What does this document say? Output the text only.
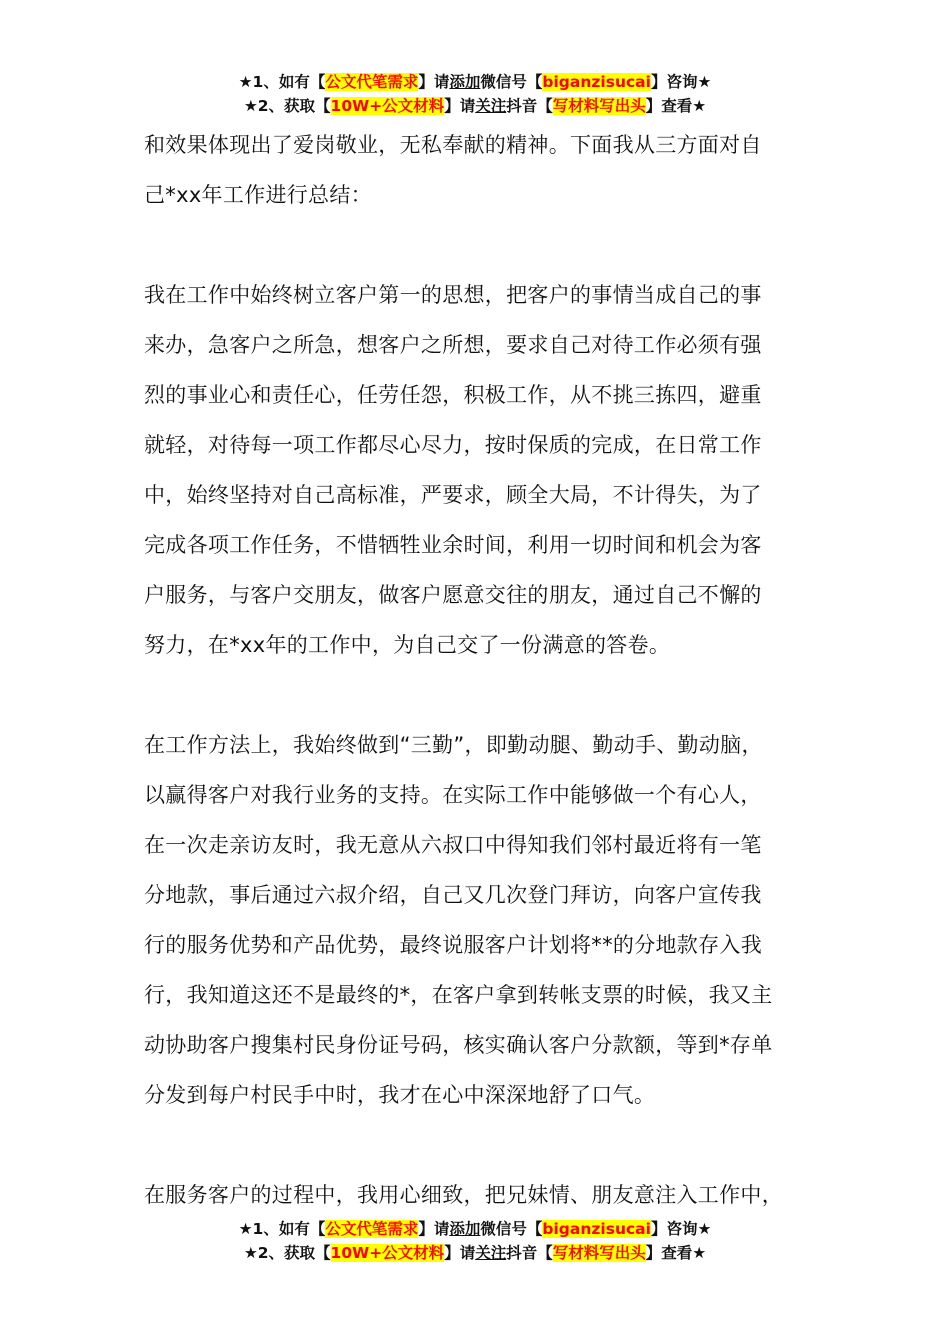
★1、如有【公文代笔需求】请添加微信号【biganzisucai】咨询★
★2、获取【10W+公文材料】请关注抖音【写材料写出头】查看★
和效果体现出了爱岗敬业，无私奉献的精神。下面我从三方面对自
己*xx年工作进行总结：
我在工作中始终树立客户第一的思想，把客户的事情当成自己的事
来办，急客户之所急，想客户之所想，要求自己对待工作必须有强
烈的事业心和责任心，任劳任怨，积极工作，从不挑三拣四，避重
就轻，对待每一项工作都尽心尽力，按时保质的完成，在日常工作
中，始终坚持对自己高标准，严要求，顾全大局，不计得失，为了
完成各项工作任务，不惜牺牲业余时间，利用一切时间和机会为客
户服务，与客户交朋友，做客户愿意交往的朋友，通过自己不懈的
努力，在*xx年的工作中，为自己交了一份满意的答卷。
在工作方法上，我始终做到“三勤”，即勤动腿、勤动手、勤动脑，
以赢得客户对我行业务的支持。在实际工作中能够做一个有心人，
在一次走亲访友时，我无意从六叔口中得知我们邻村最近将有一笔
分地款，事后通过六叔介绍，自己又几次登门拜访，向客户宣传我
行的服务优势和产品优势，最终说服客户计划将**的分地款存入我
行，我知道这还不是最终的*，在客户拿到转帐支票的时候，我又主
动协助客户搜集村民身份证号码，核实确认客户分款额，等到*存单
分发到每户村民手中时，我才在心中深深地舒了口气。
在服务客户的过程中，我用心细致，把兄妹情、朋友意注入工作中，
★1、如有【公文代笔需求】请添加微信号【biganzisucai】咨询★
★2、获取【10W+公文材料】请关注抖音【写材料写出头】查看★
